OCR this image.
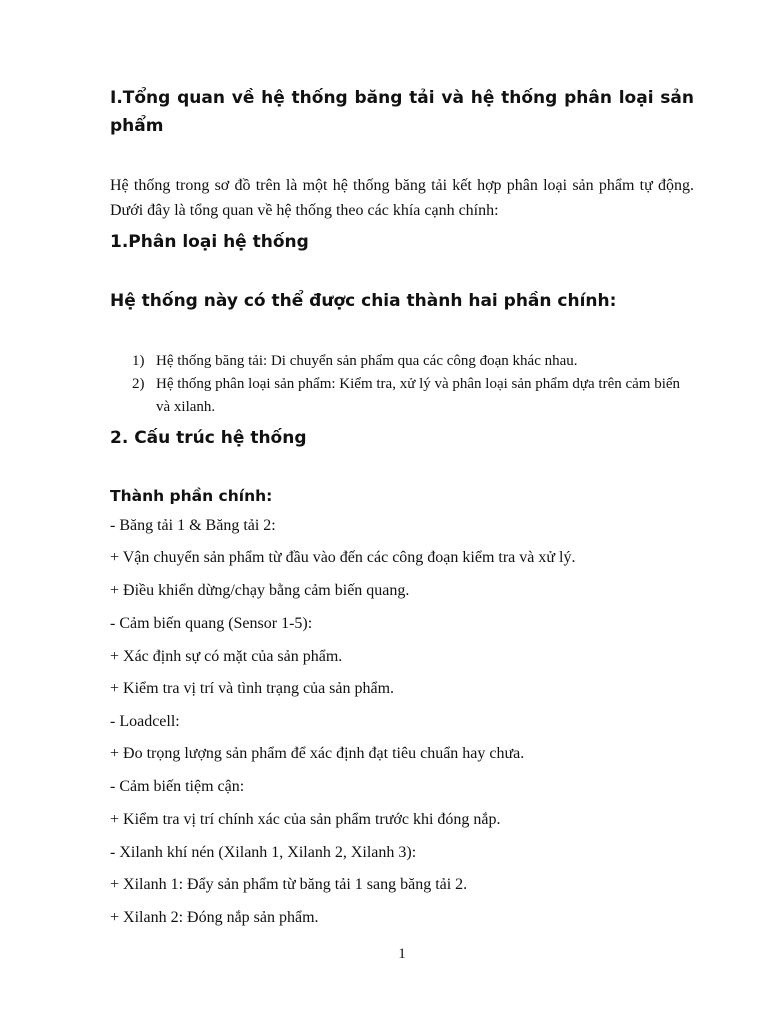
I.Tổng quan về hệ thống băng tải và hệ thống phân loại sản phẩm
Hệ thống trong sơ đồ trên là một hệ thống băng tải kết hợp phân loại sản phẩm tự động. Dưới đây là tổng quan về hệ thống theo các khía cạnh chính:
1.Phân loại hệ thống
Hệ thống này có thể được chia thành hai phần chính:
1) Hệ thống băng tải: Di chuyển sản phẩm qua các công đoạn khác nhau.
2) Hệ thống phân loại sản phẩm: Kiểm tra, xử lý và phân loại sản phẩm dựa trên cảm biến và xilanh.
2. Cấu trúc hệ thống
Thành phần chính:
- Băng tải 1 & Băng tải 2:
+ Vận chuyển sản phẩm từ đầu vào đến các công đoạn kiểm tra và xử lý.
+ Điều khiển dừng/chạy bằng cảm biến quang.
- Cảm biến quang (Sensor 1-5):
+ Xác định sự có mặt của sản phẩm.
+ Kiểm tra vị trí và tình trạng của sản phẩm.
- Loadcell:
+ Đo trọng lượng sản phẩm để xác định đạt tiêu chuẩn hay chưa.
- Cảm biến tiệm cận:
+ Kiểm tra vị trí chính xác của sản phẩm trước khi đóng nắp.
- Xilanh khí nén (Xilanh 1, Xilanh 2, Xilanh 3):
+ Xilanh 1: Đẩy sản phẩm từ băng tải 1 sang băng tải 2.
+ Xilanh 2: Đóng nắp sản phẩm.
1
